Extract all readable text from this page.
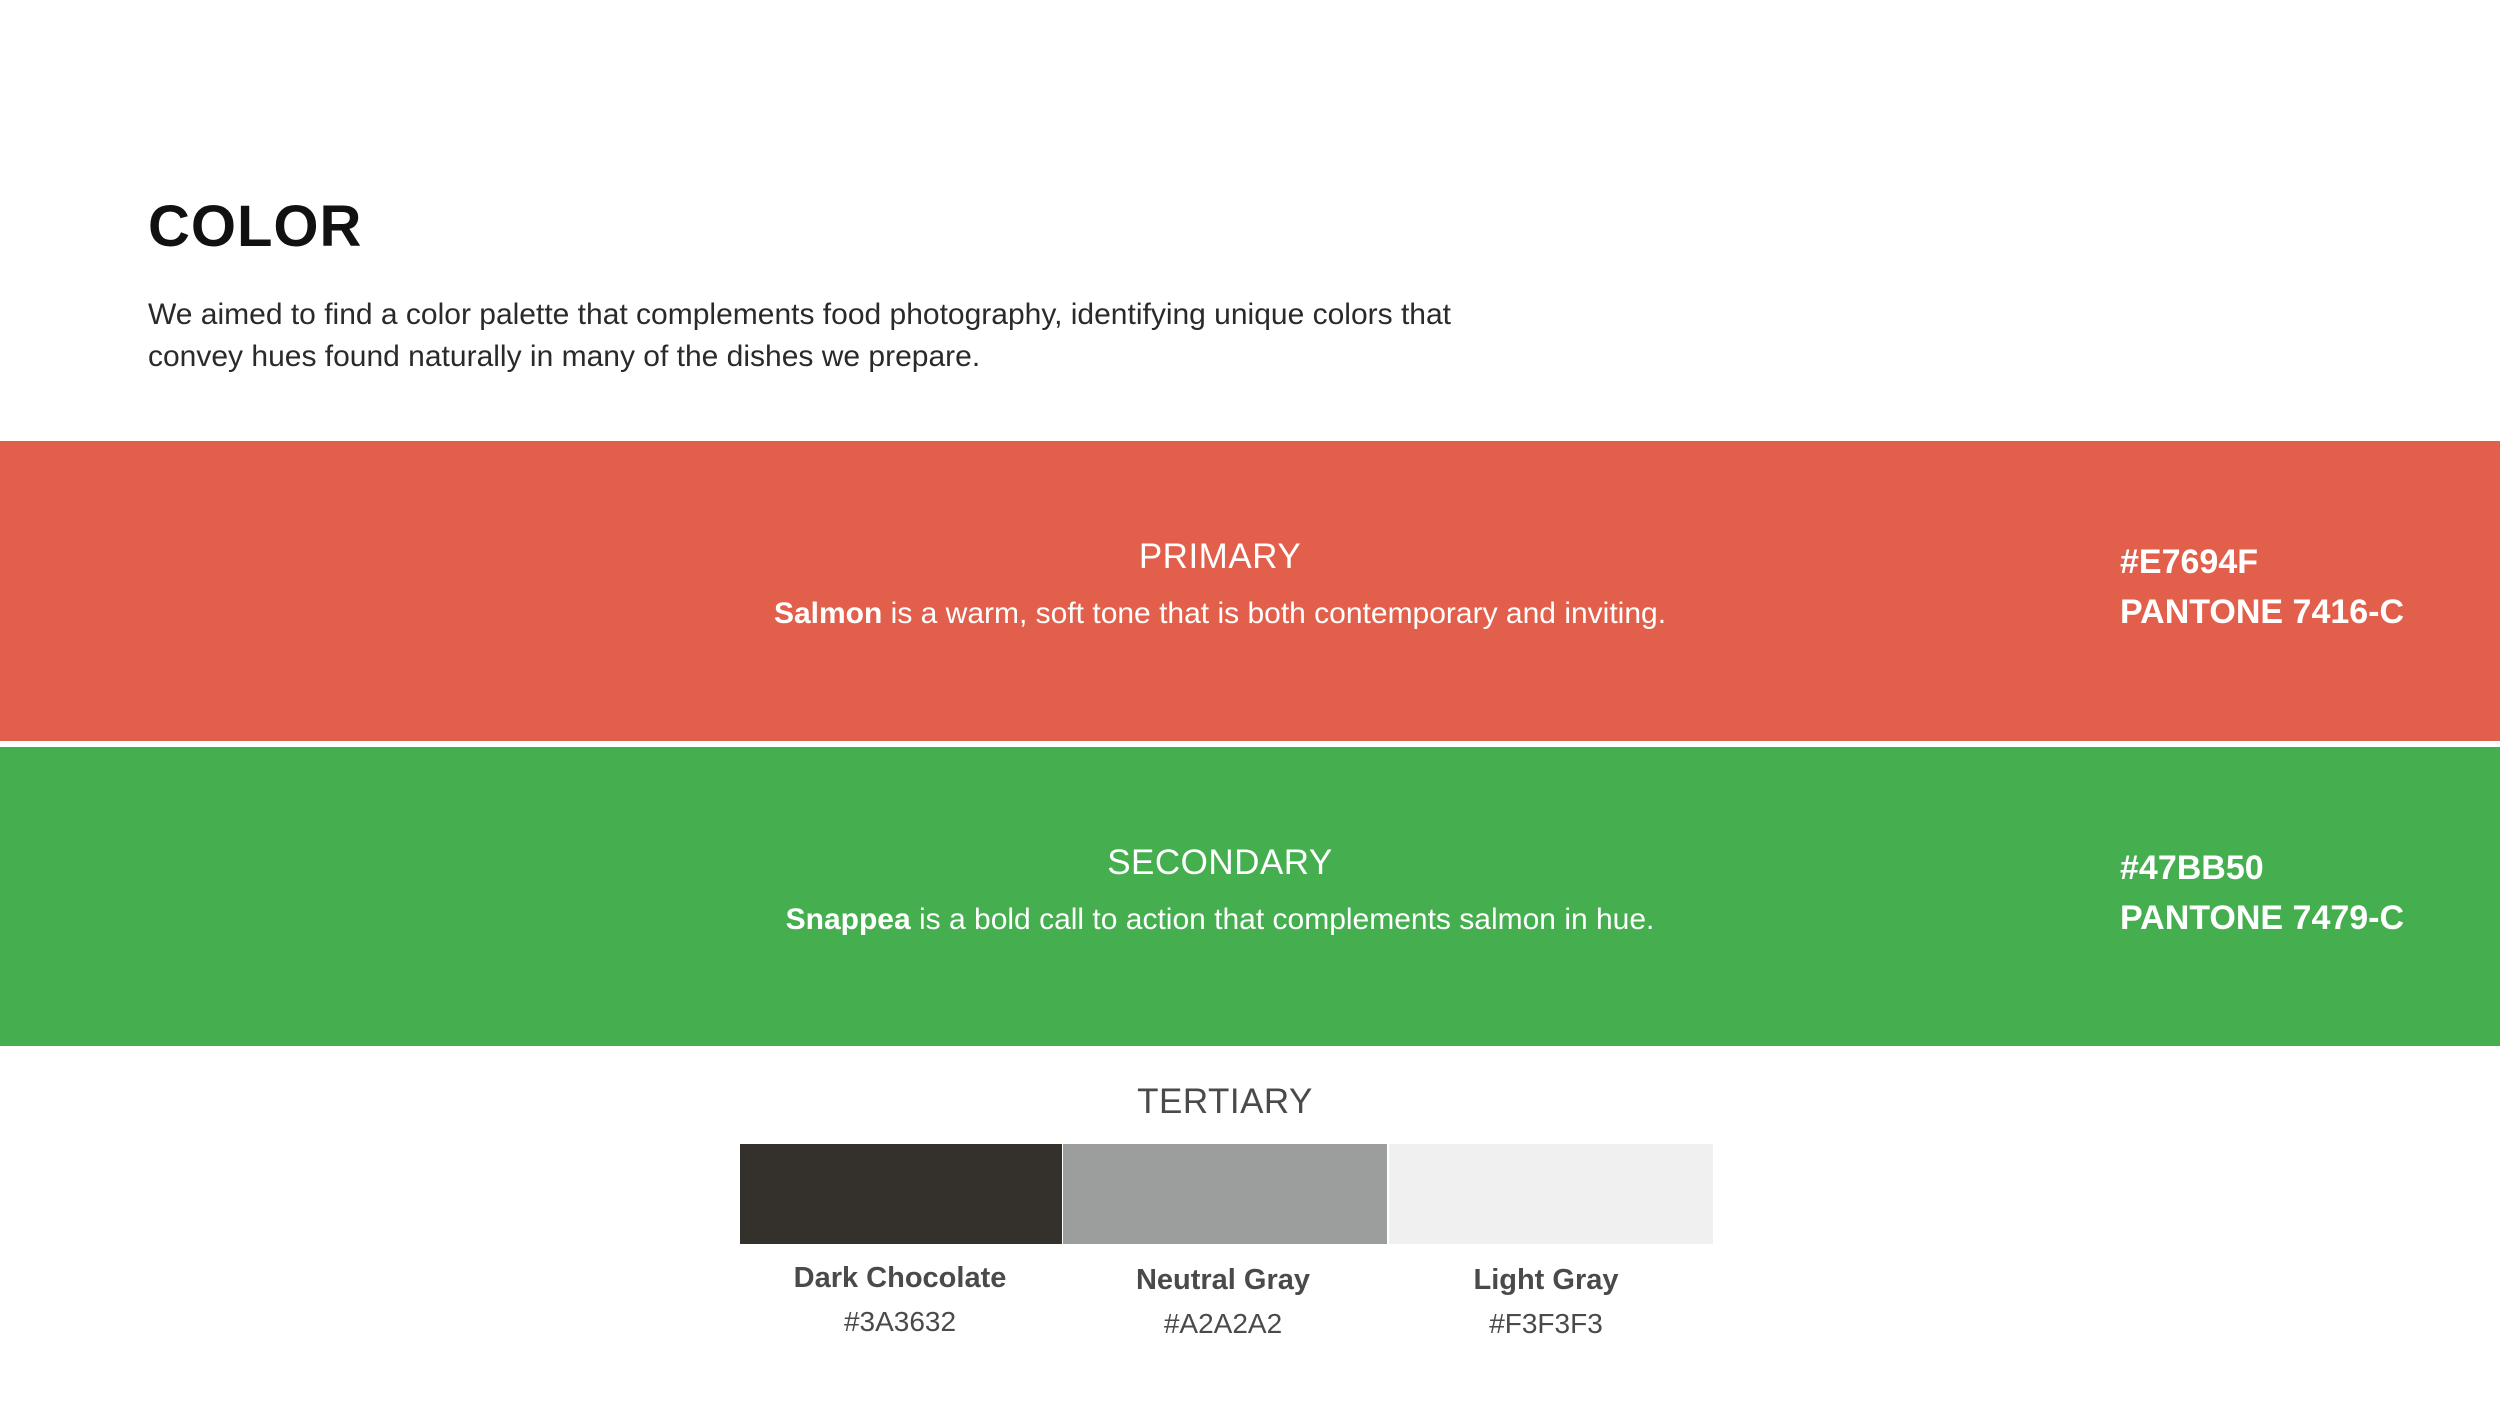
COLOR

We aimed to find a color palette that complements food photography, identifying unique colors that convey hues found naturally in many of the dishes we prepare.

PRIMARY
Salmon is a warm, soft tone that is both contemporary and inviting.
#E7694F
PANTONE 7416-C
SECONDARY
Snappea is a bold call to action that complements salmon in hue.
#47BB50
PANTONE 7479-C
TERTIARY
Dark Chocolate
#3A3632
Neutral Gray
#A2A2A2
Light Gray
#F3F3F3
